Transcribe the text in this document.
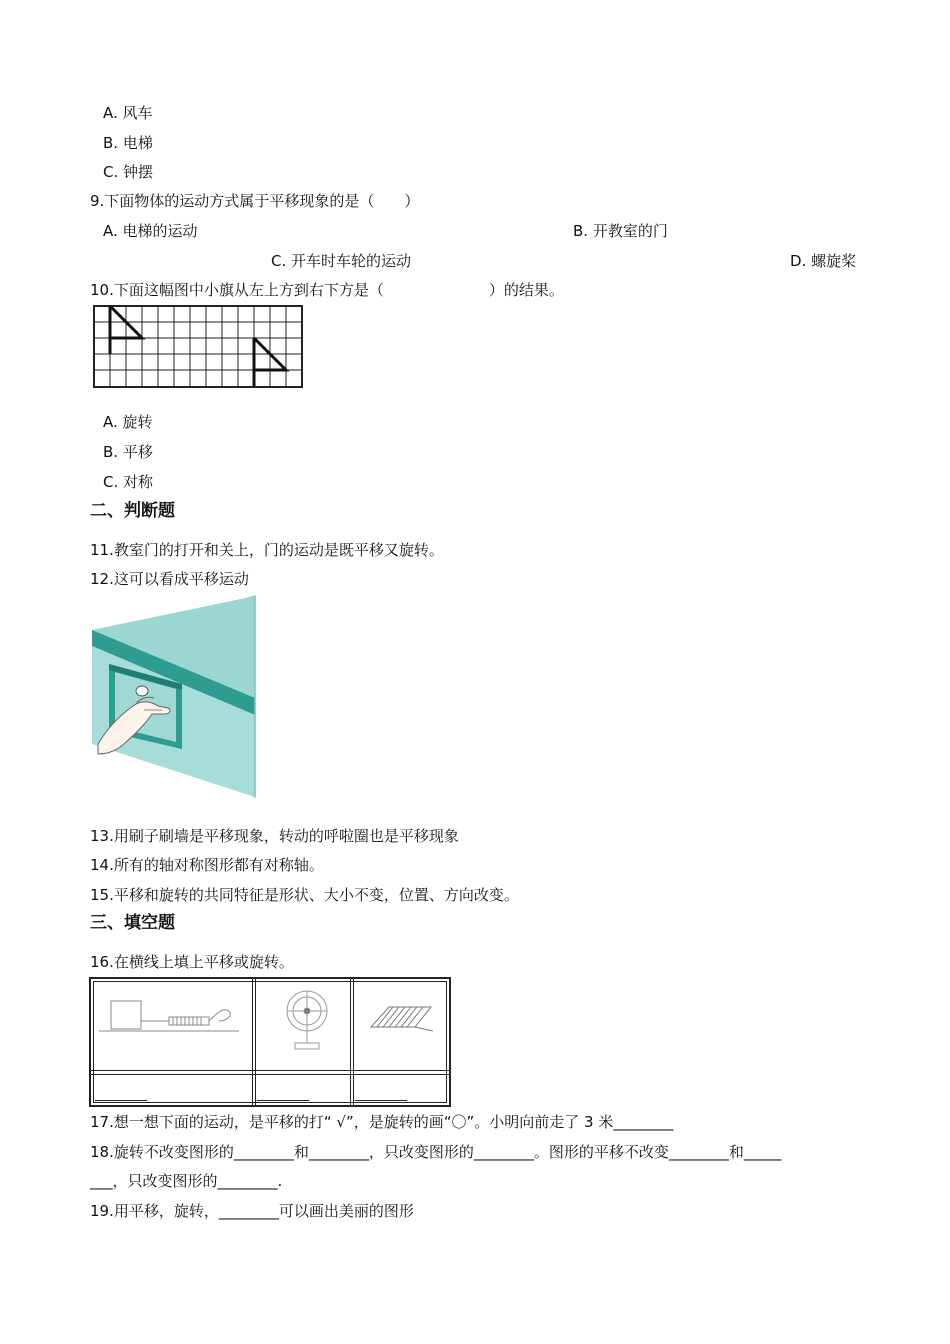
A. 风车
B. 电梯
C. 钟摆
9.下面物体的运动方式属于平移现象的是（　　）
A. 电梯的运动	B. 开教室的门
C. 开车时车轮的运动	D. 螺旋桨
10.下面这幅图中小旗从左上方到右下方是（　　　　　　　）的结果。
A. 旋转
B. 平移
C. 对称
二、判断题
11.教室门的打开和关上，门的运动是既平移又旋转。
12.这可以看成平移运动
13.用刷子刷墙是平移现象，转动的呼啦圈也是平移现象
14.所有的轴对称图形都有对称轴。
15.平移和旋转的共同特征是形状、大小不变，位置、方向改变。
三、填空题
16.在横线上填上平移或旋转。
________	________	________
17.想一想下面的运动，是平移的打“ √”，是旋转的画“〇”。小明向前走了 3 米________
18.旋转不改变图形的________和________，只改变图形的________。图形的平移不改变________和_____
___，只改变图形的________.
19.用平移，旋转，________可以画出美丽的图形
